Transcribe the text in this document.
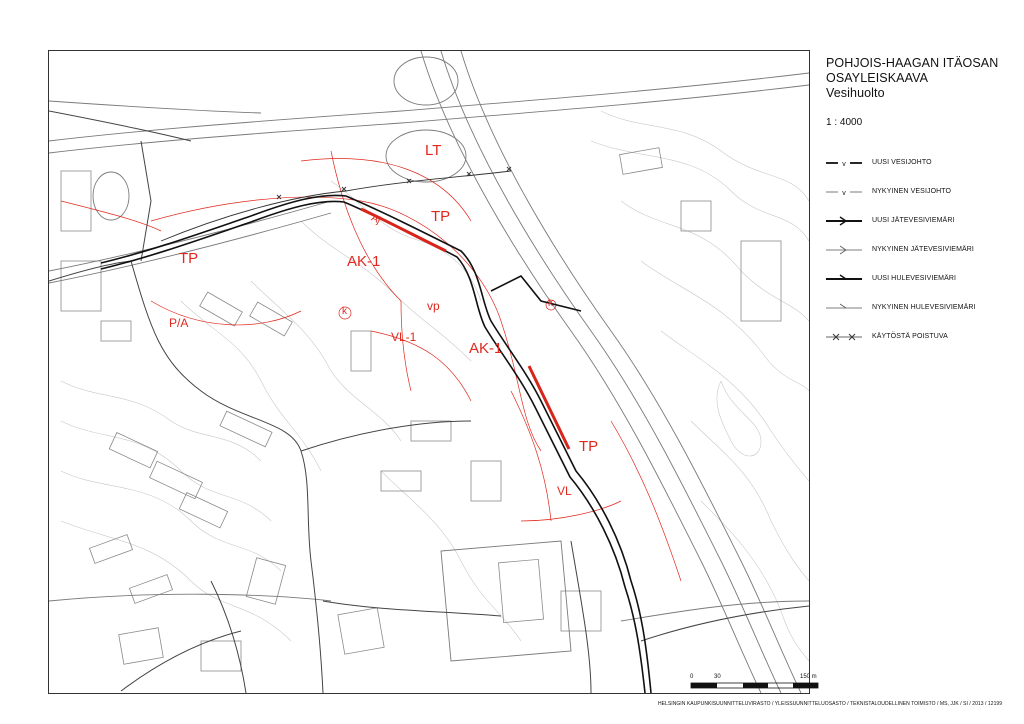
LT
TP
TP	AK-1
AK-1
TP
P/A
VL-1
VL
vp
k
k
Aj

POHJOIS-HAAGAN ITÄOSAN

OSAYLEISKAAVA

Vesihuolto

1 : 4000
v	UUSI VESIJOHTO
v	NYKYINEN VESIJOHTO
UUSI JÄTEVESIVIEMÄRI
NYKYINEN JÄTEVESIVIEMÄRI
UUSI HULEVESIVIEMÄRI
NYKYINEN HULEVESIVIEMÄRI
KÄYTÖSTÄ POISTUVA
0	30	150 m
HELSINGIN KAUPUNKISUUNNITTELUVIRASTO / YLEISSUUNNITTELUOSASTO / TEKNISTALOUDELLINEN TOIMISTO / MS, JJK / SI / 2013 / 12199
